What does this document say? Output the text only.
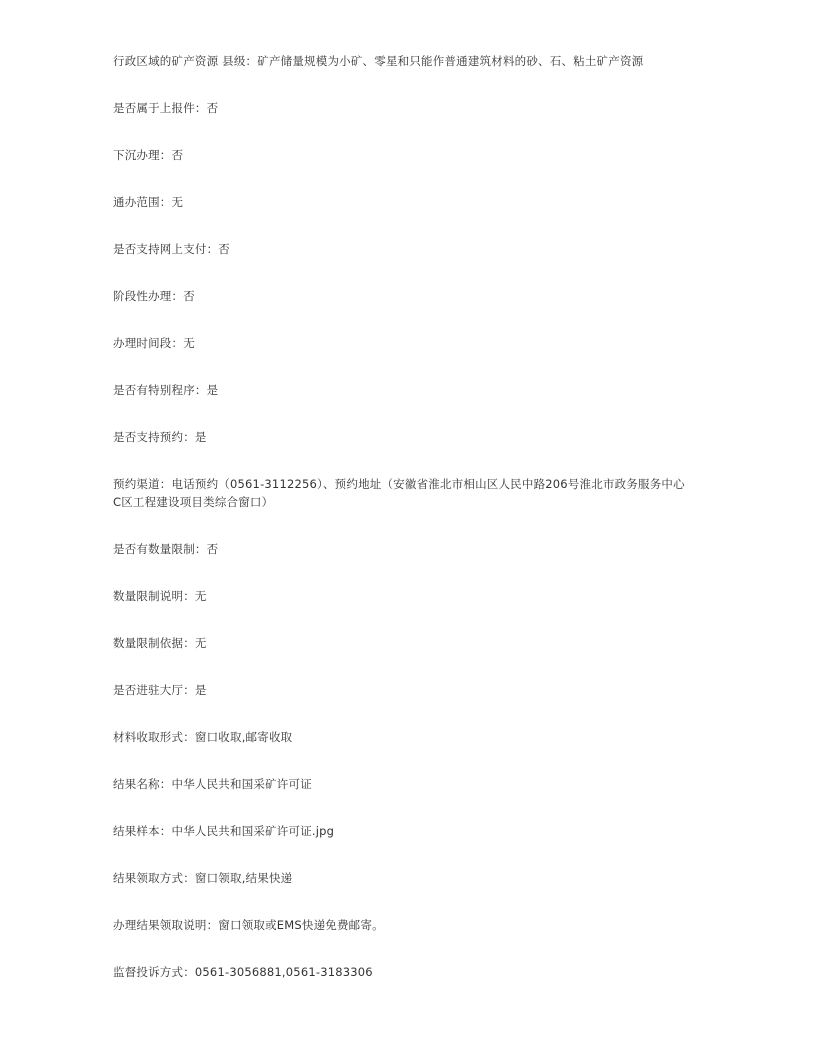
行政区域的矿产资源 县级：矿产储量规模为小矿、零星和只能作普通建筑材料的砂、石、粘土矿产资源

是否属于上报件：否

下沉办理：否

通办范围：无

是否支持网上支付：否

阶段性办理：否

办理时间段：无

是否有特别程序：是

是否支持预约：是

预约渠道：电话预约（0561-3112256）、预约地址（安徽省淮北市相山区人民中路206号淮北市政务服务中心C区工程建设项目类综合窗口）

是否有数量限制：否

数量限制说明：无

数量限制依据：无

是否进驻大厅：是

材料收取形式：窗口收取,邮寄收取

结果名称：中华人民共和国采矿许可证

结果样本：中华人民共和国采矿许可证.jpg

结果领取方式：窗口领取,结果快递

办理结果领取说明：窗口领取或EMS快递免费邮寄。

监督投诉方式：0561-3056881,0561-3183306
